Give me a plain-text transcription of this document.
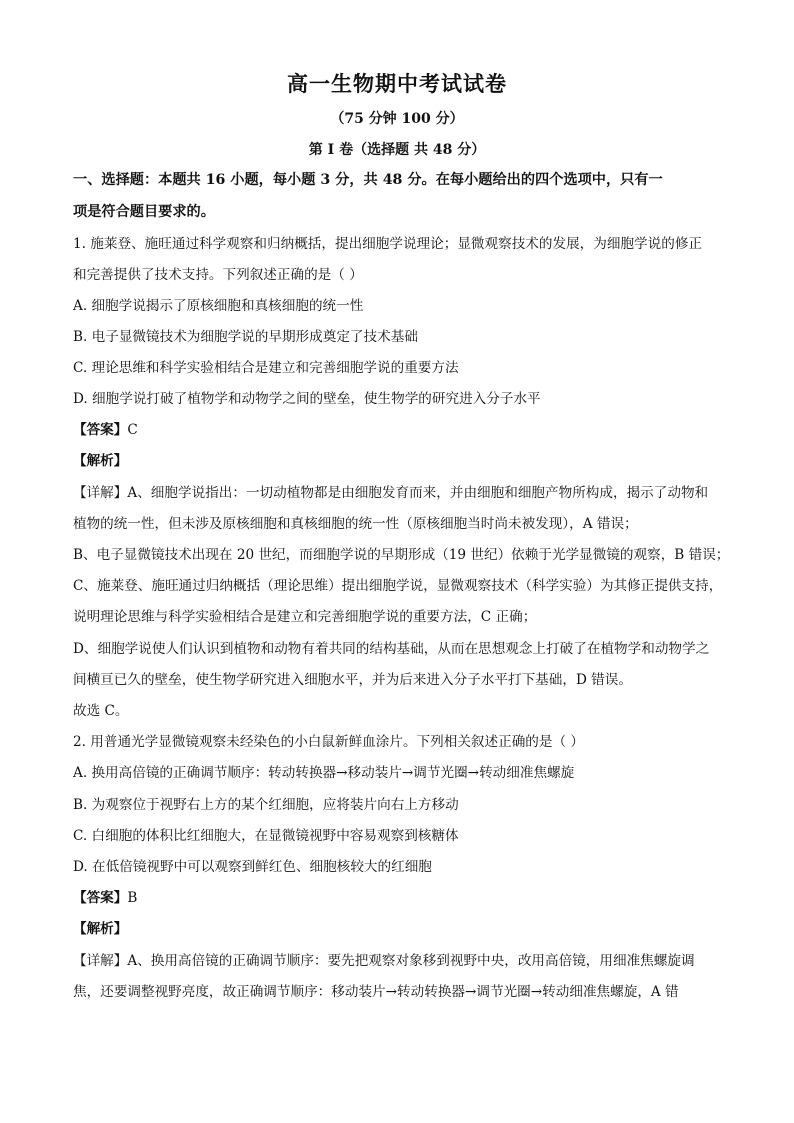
高一生物期中考试试卷
（75 分钟 100 分）
第 I 卷（选择题 共 48 分）
一、选择题：本题共 16 小题，每小题 3 分，共 48 分。在每小题给出的四个选项中，只有一
项是符合题目要求的。
1. 施莱登、施旺通过科学观察和归纳概括，提出细胞学说理论；显微观察技术的发展，为细胞学说的修正
和完善提供了技术支持。下列叙述正确的是（ ）
A. 细胞学说揭示了原核细胞和真核细胞的统一性
B. 电子显微镜技术为细胞学说的早期形成奠定了技术基础
C. 理论思维和科学实验相结合是建立和完善细胞学说的重要方法
D. 细胞学说打破了植物学和动物学之间的壁垒，使生物学的研究进入分子水平
【答案】C
【解析】
【详解】A、细胞学说指出：一切动植物都是由细胞发育而来，并由细胞和细胞产物所构成，揭示了动物和
植物的统一性，但未涉及原核细胞和真核细胞的统一性（原核细胞当时尚未被发现），A 错误；
B、电子显微镜技术出现在 20 世纪，而细胞学说的早期形成（19 世纪）依赖于光学显微镜的观察，B 错误；
C、施莱登、施旺通过归纳概括（理论思维）提出细胞学说，显微观察技术（科学实验）为其修正提供支持，
说明理论思维与科学实验相结合是建立和完善细胞学说的重要方法，C 正确；
D、细胞学说使人们认识到植物和动物有着共同的结构基础，从而在思想观念上打破了在植物学和动物学之
间横亘已久的壁垒，使生物学研究进入细胞水平，并为后来进入分子水平打下基础，D 错误。
故选 C。
2. 用普通光学显微镜观察未经染色的小白鼠新鲜血涂片。下列相关叙述正确的是（ ）
A. 换用高倍镜的正确调节顺序：转动转换器→移动装片→调节光圈→转动细准焦螺旋
B. 为观察位于视野右上方的某个红细胞，应将装片向右上方移动
C. 白细胞的体积比红细胞大，在显微镜视野中容易观察到核糖体
D. 在低倍镜视野中可以观察到鲜红色、细胞核较大的红细胞
【答案】B
【解析】
【详解】A、换用高倍镜的正确调节顺序：要先把观察对象移到视野中央，改用高倍镜，用细准焦螺旋调
焦，还要调整视野亮度，故正确调节顺序：移动装片→转动转换器→调节光圈→转动细准焦螺旋，A 错
